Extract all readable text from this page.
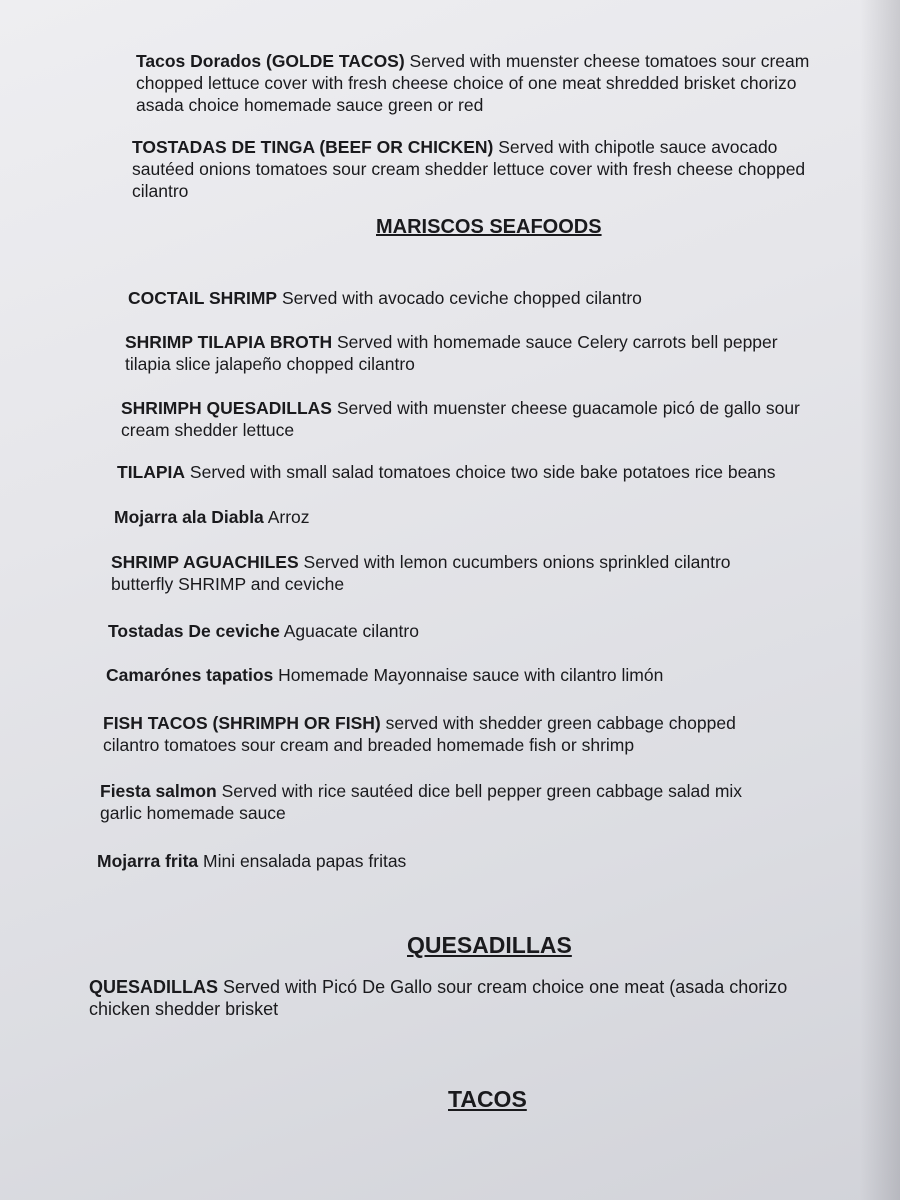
Tacos Dorados (GOLDE TACOS) Served with muenster cheese tomatoes sour cream
chopped lettuce cover with fresh cheese choice of one meat shredded brisket chorizo
asada choice homemade sauce green or red
TOSTADAS DE TINGA (BEEF OR CHICKEN) Served with chipotle sauce avocado
sautéed onions tomatoes sour cream shedder lettuce cover with fresh cheese chopped
cilantro
MARISCOS SEAFOODS
COCTAIL SHRIMP Served with avocado ceviche chopped cilantro
SHRIMP TILAPIA BROTH Served with homemade sauce Celery carrots bell pepper
tilapia slice jalapeño chopped cilantro
SHRIMPH QUESADILLAS Served with muenster cheese guacamole picó de gallo sour
cream shedder lettuce
TILAPIA Served with small salad tomatoes choice two side bake potatoes rice beans
Mojarra ala Diabla Arroz
SHRIMP AGUACHILES Served with lemon cucumbers onions sprinkled cilantro
butterfly SHRIMP and ceviche
Tostadas De ceviche Aguacate cilantro
Camarónes tapatios Homemade Mayonnaise sauce with cilantro limón
FISH TACOS (SHRIMPH OR FISH) served with shedder green cabbage chopped
cilantro tomatoes sour cream and breaded homemade fish or shrimp
Fiesta salmon Served with rice sautéed dice bell pepper green cabbage salad mix
garlic homemade sauce
Mojarra frita Mini ensalada papas fritas
QUESADILLAS
QUESADILLAS Served with Picó De Gallo sour cream choice one meat (asada chorizo
chicken shedder brisket
TACOS
